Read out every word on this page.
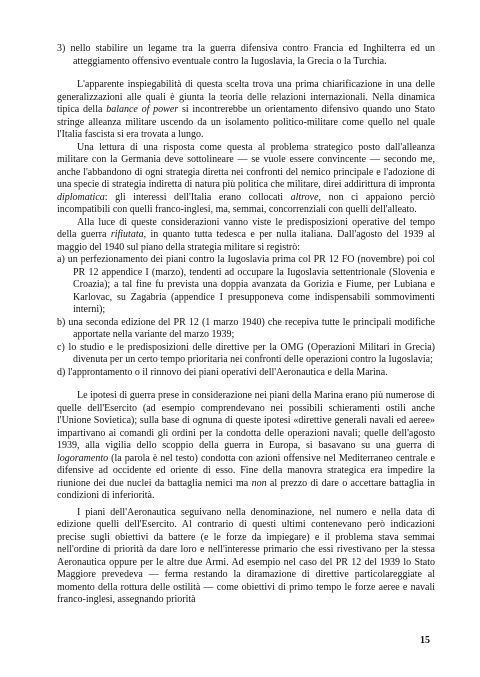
3) nello stabilire un legame tra la guerra difensiva contro Francia ed Inghilterra ed un atteggiamento offensivo eventuale contro la Iugoslavia, la Grecia o la Turchia.

L'apparente inspiegabilità di questa scelta trova una prima chiarificazione in una delle generalizzazioni alle quali è giunta la teoria delle relazioni internazionali. Nella dinamica tipica della balance of power si incontrerebbe un orientamento difensivo quando uno Stato stringe alleanza militare uscendo da un isolamento politico-militare come quello nel quale l'Italia fascista si era trovata a lungo.

Una lettura di una risposta come questa al problema strategico posto dall'alleanza militare con la Germania deve sottolineare — se vuole essere convincente — secondo me, anche l'abbandono di ogni strategia diretta nei confronti del nemico principale e l'adozione di una specie di strategia indiretta di natura più politica che militare, direi addirittura di impronta diplomatica: gli interessi dell'Italia erano collocati altrove, non ci appaiono perciò incompatibili con quelli franco-inglesi, ma, semmai, concorrenziali con quelli dell'alleato.

Alla luce di queste considerazioni vanno viste le predisposizioni operative del tempo della guerra rifiutata, in quanto tutta tedesca e per nulla italiana. Dall'agosto del 1939 al maggio del 1940 sul piano della strategia militare si registrò:

a) un perfezionamento dei piani contro la Iugoslavia prima col PR 12 FO (novembre) poi col PR 12 appendice I (marzo), tendenti ad occupare la Iugoslavia settentrionale (Slovenia e Croazia); a tal fine fu prevista una doppia avanzata da Gorizia e Fiume, per Lubiana e Karlovac, su Zagabria (appendice I presupponeva come indispensabili sommovimenti interni);

b) una seconda edizione del PR 12 (1 marzo 1940) che recepiva tutte le principali modifiche apportate nella variante del marzo 1939;

c) lo studio e le predisposizioni delle direttive per la OMG (Operazioni Militari in Grecia) divenuta per un certo tempo prioritaria nei confronti delle operazioni contro la Iugoslavia;

d) l'approntamento o il rinnovo dei piani operativi dell'Aeronautica e della Marina.

Le ipotesi di guerra prese in considerazione nei piani della Marina erano più numerose di quelle dell'Esercito (ad esempio comprendevano nei possibili schieramenti ostili anche l'Unione Sovietica); sulla base di ognuna di queste ipotesi «direttive generali navali ed aeree» impartivano ai comandi gli ordini per la condotta delle operazioni navali; quelle dell'agosto 1939, alla vigilia dello scoppio della guerra in Europa, si basavano su una guerra di logoramento (la parola è nel testo) condotta con azioni offensive nel Mediterraneo centrale e difensive ad occidente ed oriente di esso. Fine della manovra strategica era impedire la riunione dei due nuclei da battaglia nemici ma non al prezzo di dare o accettare battaglia in condizioni di inferiorità.

I piani dell'Aeronautica seguivano nella denominazione, nel numero e nella data di edizione quelli dell'Esercito. Al contrario di questi ultimi contenevano però indicazioni precise sugli obiettivi da battere (e le forze da impiegare) e il problema stava semmai nell'ordine di priorità da dare loro e nell'interesse primario che essi rivestivano per la stessa Aeronautica oppure per le altre due Armi. Ad esempio nel caso del PR 12 del 1939 lo Stato Maggiore prevedeva — ferma restando la diramazione di direttive particolareggiate al momento della rottura delle ostilità — come obiettivi di primo tempo le forze aeree e navali franco-inglesi, assegnando priorità

15
